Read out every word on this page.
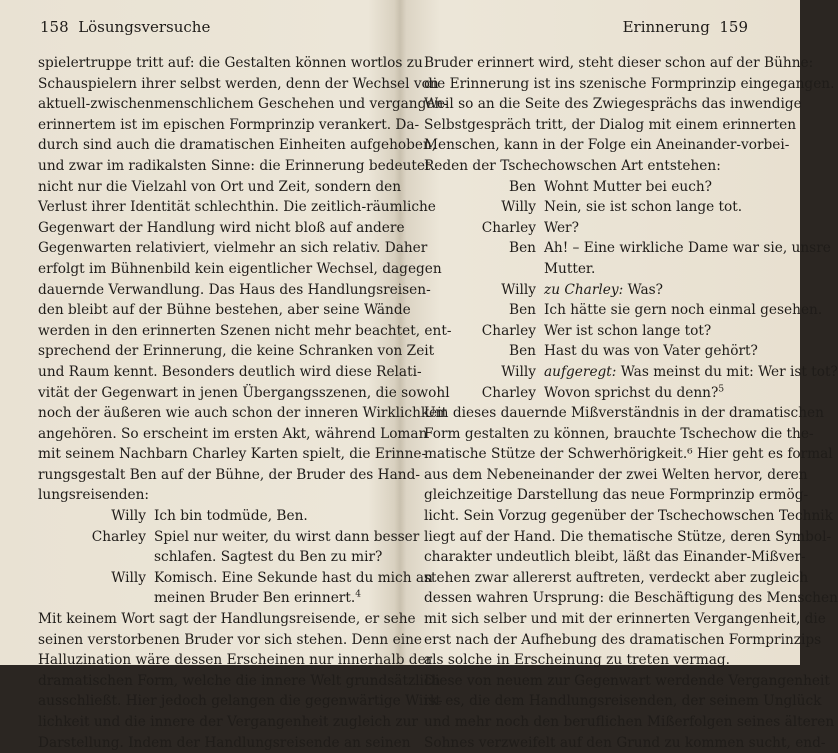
158 Lösungsversuche
spielertruppe tritt auf: die Gestalten können wortlos zu
Schauspielern ihrer selbst werden, denn der Wechsel von
aktuell-zwischenmenschlichem Geschehen und vergangen-
erinnertem ist im epischen Formprinzip verankert. Da-
durch sind auch die dramatischen Einheiten aufgehoben,
und zwar im radikalsten Sinne: die Erinnerung bedeutet
nicht nur die Vielzahl von Ort und Zeit, sondern den
Verlust ihrer Identität schlechthin. Die zeitlich-räumliche
Gegenwart der Handlung wird nicht bloß auf andere
Gegenwarten relativiert, vielmehr an sich relativ. Daher
erfolgt im Bühnenbild kein eigentlicher Wechsel, dagegen
dauernde Verwandlung. Das Haus des Handlungsreisen-
den bleibt auf der Bühne bestehen, aber seine Wände
werden in den erinnerten Szenen nicht mehr beachtet, ent-
sprechend der Erinnerung, die keine Schranken von Zeit
und Raum kennt. Besonders deutlich wird diese Relati-
vität der Gegenwart in jenen Übergangsszenen, die sowohl
noch der äußeren wie auch schon der inneren Wirklichkeit
angehören. So erscheint im ersten Akt, während Loman
mit seinem Nachbarn Charley Karten spielt, die Erinne-
rungsgestalt Ben auf der Bühne, der Bruder des Hand-
lungsreisenden:
Willy Ich bin todmüde, Ben.
Charley Spiel nur weiter, du wirst dann besser
schlafen. Sagtest du Ben zu mir?
Willy Komisch. Eine Sekunde hast du mich an
meinen Bruder Ben erinnert.$^4$
Mit keinem Wort sagt der Handlungsreisende, er sehe
seinen verstorbenen Bruder vor sich stehen. Denn eine
Halluzination wäre dessen Erscheinen nur innerhalb der
dramatischen Form, welche die innere Welt grundsätzlich
ausschließt. Hier jedoch gelangen die gegenwärtige Wirk-
lichkeit und die innere der Vergangenheit zugleich zur
Darstellung. Indem der Handlungsreisende an seinen
Erinnerung 159
Bruder erinnert wird, steht dieser schon auf der Bühne:
die Erinnerung ist ins szenische Formprinzip eingegangen.
Weil so an die Seite des Zwiegesprächs das inwendige
Selbstgespräch tritt, der Dialog mit einem erinnerten
Menschen, kann in der Folge ein Aneinander-vorbei-
Reden der Tschechowschen Art entstehen:
Ben Wohnt Mutter bei euch?
Willy Nein, sie ist schon lange tot.
Charley Wer?
Ben Ah! – Eine wirkliche Dame war sie, unsre
Mutter.
Willy zu Charley: Was?
Ben Ich hätte sie gern noch einmal gesehen.
Charley Wer ist schon lange tot?
Ben Hast du was von Vater gehört?
Willy aufgeregt: Was meinst du mit: Wer ist tot?
Charley Wovon sprichst du denn?$^5$
Um dieses dauernde Mißverständnis in der dramatischen
Form gestalten zu können, brauchte Tschechow die the-
matische Stütze der Schwerhörigkeit.⁶ Hier geht es formal
aus dem Nebeneinander der zwei Welten hervor, deren
gleichzeitige Darstellung das neue Formprinzip ermög-
licht. Sein Vorzug gegenüber der Tschechowschen Technik
liegt auf der Hand. Die thematische Stütze, deren Symbol-
charakter undeutlich bleibt, läßt das Einander-Mißver-
stehen zwar allererst auftreten, verdeckt aber zugleich
dessen wahren Ursprung: die Beschäftigung des Menschen
mit sich selber und mit der erinnerten Vergangenheit, die
erst nach der Aufhebung des dramatischen Formprinzips
als solche in Erscheinung zu treten vermag.
Diese von neuem zur Gegenwart werdende Vergangenheit
ist es, die dem Handlungsreisenden, der seinem Unglück
und mehr noch den beruflichen Mißerfolgen seines älteren
Sohnes verzweifelt auf den Grund zu kommen sucht, end-
